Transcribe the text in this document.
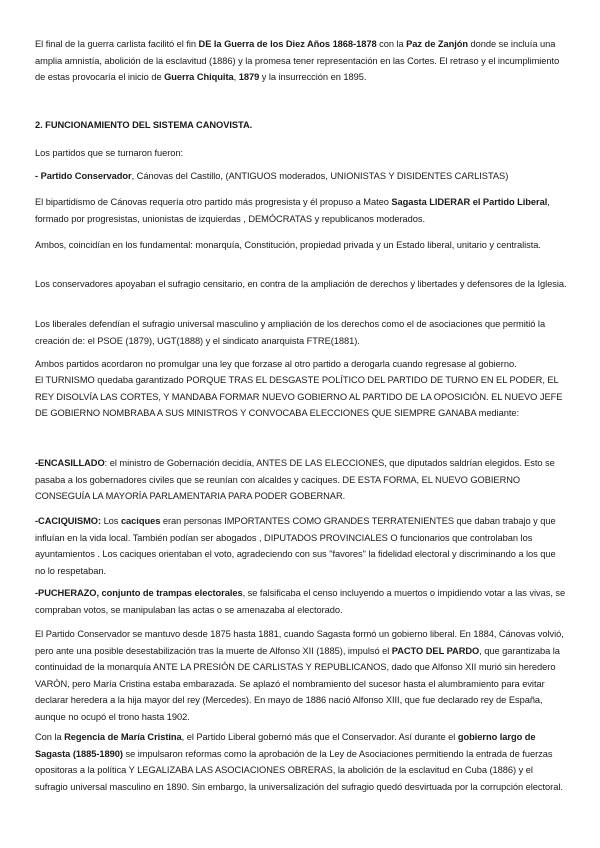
El final de la guerra carlista facilitó el fin DE la Guerra de los Diez Años 1868-1878 con la Paz de Zanjón donde se incluía una amplia amnistía, abolición de la esclavitud (1886) y la promesa tener representación en las Cortes. El retraso y el incumplimiento de estas provocaría el inicio de Guerra Chiquita, 1879 y la insurrección en 1895.

2. FUNCIONAMIENTO DEL SISTEMA CANOVISTA.

Los partidos que se turnaron fueron:

- Partido Conservador, Cánovas del Castillo, (ANTIGUOS moderados, UNIONISTAS Y DISIDENTES CARLISTAS)

El bipartidismo de Cánovas requería otro partido más progresista y él propuso a Mateo Sagasta LIDERAR el Partido Liberal, formado por progresistas, unionistas de izquierdas , DEMÓCRATAS y republicanos moderados.

Ambos, coincidían en los fundamental: monarquía, Constitución, propiedad privada y un Estado liberal, unitario y centralista.

Los conservadores apoyaban el sufragio censitario, en contra de la ampliación de derechos y libertades y defensores de la Iglesia.

Los liberales defendían el sufragio universal masculino y ampliación de los derechos como el de asociaciones que permitió la creación de: el PSOE (1879), UGT(1888) y el sindicato anarquista FTRE(1881).

Ambos partidos acordaron no promulgar una ley que forzase al otro partido a derogarla cuando regresase al gobierno.

El TURNISMO quedaba garantizado PORQUE TRAS EL DESGASTE POLÍTICO DEL PARTIDO DE TURNO EN EL PODER, EL REY DISOLVÍA LAS CORTES, Y MANDABA FORMAR NUEVO GOBIERNO AL PARTIDO DE LA OPOSICIÓN. EL NUEVO JEFE DE GOBIERNO NOMBRABA A SUS MINISTROS Y CONVOCABA ELECCIONES QUE SIEMPRE GANABA mediante:

-ENCASILLADO: el ministro de Gobernación decidía, ANTES DE LAS ELECCIONES, que diputados saldrían elegidos. Esto se pasaba a los gobernadores civiles que se reunían con alcaldes y caciques. DE ESTA FORMA, EL NUEVO GOBIERNO CONSEGUÍA LA MAYORÍA PARLAMENTARIA PARA PODER GOBERNAR.

-CACIQUISMO: Los caciques eran personas IMPORTANTES COMO GRANDES TERRATENIENTES que daban trabajo y que influían en la vida local. También podían ser abogados , DIPUTADOS PROVINCIALES O funcionarios que controlaban los ayuntamientos . Los caciques orientaban el voto, agradeciendo con sus "favores" la fidelidad electoral y discriminando a los que no lo respetaban.

-PUCHERAZO, conjunto de trampas electorales, se falsificaba el censo incluyendo a muertos o impidiendo votar a las vivas, se compraban votos, se manipulaban las actas o se amenazaba al electorado.

El Partido Conservador se mantuvo desde 1875 hasta 1881, cuando Sagasta formó un gobierno liberal. En 1884, Cánovas volvió, pero ante una posible desestabilización tras la muerte de Alfonso XII (1885), impulsó el PACTO DEL PARDO, que garantizaba la continuidad de la monarquía ANTE LA PRESIÓN DE CARLISTAS Y REPUBLICANOS, dado que Alfonso XII murió sin heredero VARÓN, pero María Cristina estaba embarazada. Se aplazó el nombramiento del sucesor hasta el alumbramiento para evitar declarar heredera a la hija mayor del rey (Mercedes). En mayo de 1886 nació Alfonso XIII, que fue declarado rey de España, aunque no ocupó el trono hasta 1902.

Con la Regencia de María Cristina, el Partido Liberal gobernó más que el Conservador. Así durante el gobierno largo de Sagasta (1885-1890) se impulsaron reformas como la aprobación de la Ley de Asociaciones permitiendo la entrada de fuerzas opositoras a la política Y LEGALIZABA LAS ASOCIACIONES OBRERAS, la abolición de la esclavitud en Cuba (1886) y el sufragio universal masculino en 1890. Sin embargo, la universalización del sufragio quedó desvirtuada por la corrupción electoral.
